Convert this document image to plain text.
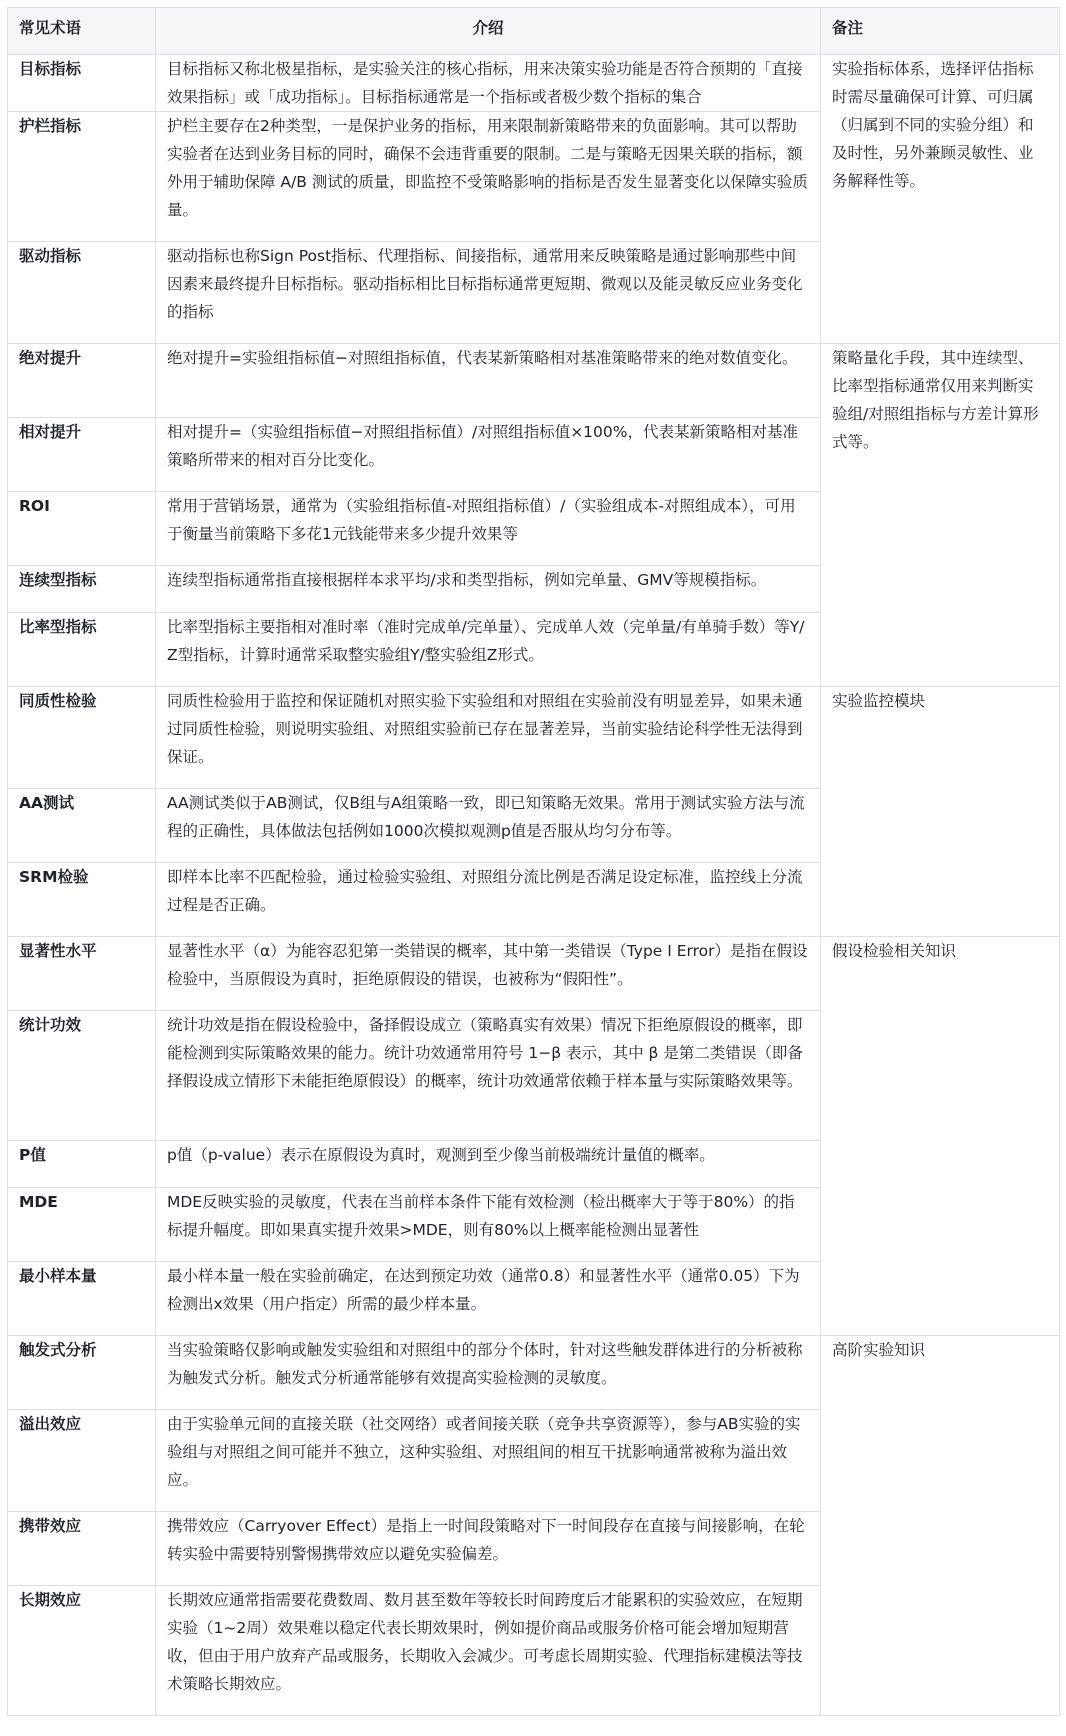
常见术语	介绍	备注
目标指标	目标指标又称北极星指标，是实验关注的核心指标，用来决策实验功能是否符合预期的「直接效果指标」或「成功指标」。目标指标通常是一个指标或者极少数个指标的集合	实验指标体系，选择评估指标时需尽量确保可计算、可归属（归属到不同的实验分组）和及时性，另外兼顾灵敏性、业务解释性等。
护栏指标	护栏主要存在2种类型，一是保护业务的指标，用来限制新策略带来的负面影响。其可以帮助实验者在达到业务目标的同时，确保不会违背重要的限制。二是与策略无因果关联的指标，额外用于辅助保障 A/B 测试的质量，即监控不受策略影响的指标是否发生显著变化以保障实验质量。	
驱动指标	驱动指标也称Sign Post指标、代理指标、间接指标，通常用来反映策略是通过影响那些中间因素来最终提升目标指标。驱动指标相比目标指标通常更短期、微观以及能灵敏反应业务变化的指标	
绝对提升	绝对提升=实验组指标值−对照组指标值，代表某新策略相对基准策略带来的绝对数值变化。	策略量化手段，其中连续型、比率型指标通常仅用来判断实验组/对照组指标与方差计算形式等。
相对提升	相对提升=（实验组指标值−对照组指标值）/对照组指标值×100%，代表某新策略相对基准策略所带来的相对百分比变化。	
ROI	常用于营销场景，通常为（实验组指标值-对照组指标值）/（实验组成本-对照组成本），可用于衡量当前策略下多花1元钱能带来多少提升效果等	
连续型指标	连续型指标通常指直接根据样本求平均/求和类型指标，例如完单量、GMV等规模指标。	
比率型指标	比率型指标主要指相对准时率（准时完成单/完单量）、完成单人效（完单量/有单骑手数）等Y/Z型指标，计算时通常采取整实验组Y/整实验组Z形式。	
同质性检验	同质性检验用于监控和保证随机对照实验下实验组和对照组在实验前没有明显差异，如果未通过同质性检验，则说明实验组、对照组实验前已存在显著差异，当前实验结论科学性无法得到保证。	实验监控模块
AA测试	AA测试类似于AB测试，仅B组与A组策略一致，即已知策略无效果。常用于测试实验方法与流程的正确性，具体做法包括例如1000次模拟观测p值是否服从均匀分布等。	
SRM检验	即样本比率不匹配检验，通过检验实验组、对照组分流比例是否满足设定标准，监控线上分流过程是否正确。	
显著性水平	显著性水平（α）为能容忍犯第一类错误的概率，其中第一类错误（Type I Error）是指在假设检验中，当原假设为真时，拒绝原假设的错误，也被称为“假阳性”。	假设检验相关知识
统计功效	统计功效是指在假设检验中，备择假设成立（策略真实有效果）情况下拒绝原假设的概率，即能检测到实际策略效果的能力。统计功效通常用符号 1−β 表示，其中 β 是第二类错误（即备择假设成立情形下未能拒绝原假设）的概率，统计功效通常依赖于样本量与实际策略效果等。	
P值	p值（p-value）表示在原假设为真时，观测到至少像当前极端统计量值的概率。	
MDE	MDE反映实验的灵敏度，代表在当前样本条件下能有效检测（检出概率大于等于80%）的指标提升幅度。即如果真实提升效果>MDE，则有80%以上概率能检测出显著性	
最小样本量	最小样本量一般在实验前确定，在达到预定功效（通常0.8）和显著性水平（通常0.05）下为检测出x效果（用户指定）所需的最少样本量。	
触发式分析	当实验策略仅影响或触发实验组和对照组中的部分个体时，针对这些触发群体进行的分析被称为触发式分析。触发式分析通常能够有效提高实验检测的灵敏度。	高阶实验知识
溢出效应	由于实验单元间的直接关联（社交网络）或者间接关联（竞争共享资源等），参与AB实验的实验组与对照组之间可能并不独立，这种实验组、对照组间的相互干扰影响通常被称为溢出效应。	
携带效应	携带效应（Carryover Effect）是指上一时间段策略对下一时间段存在直接与间接影响，在轮转实验中需要特别警惕携带效应以避免实验偏差。	
长期效应	长期效应通常指需要花费数周、数月甚至数年等较长时间跨度后才能累积的实验效应，在短期实验（1~2周）效果难以稳定代表长期效果时，例如提价商品或服务价格可能会增加短期营收，但由于用户放弃产品或服务，长期收入会减少。可考虑长周期实验、代理指标建模法等技术策略长期效应。	
